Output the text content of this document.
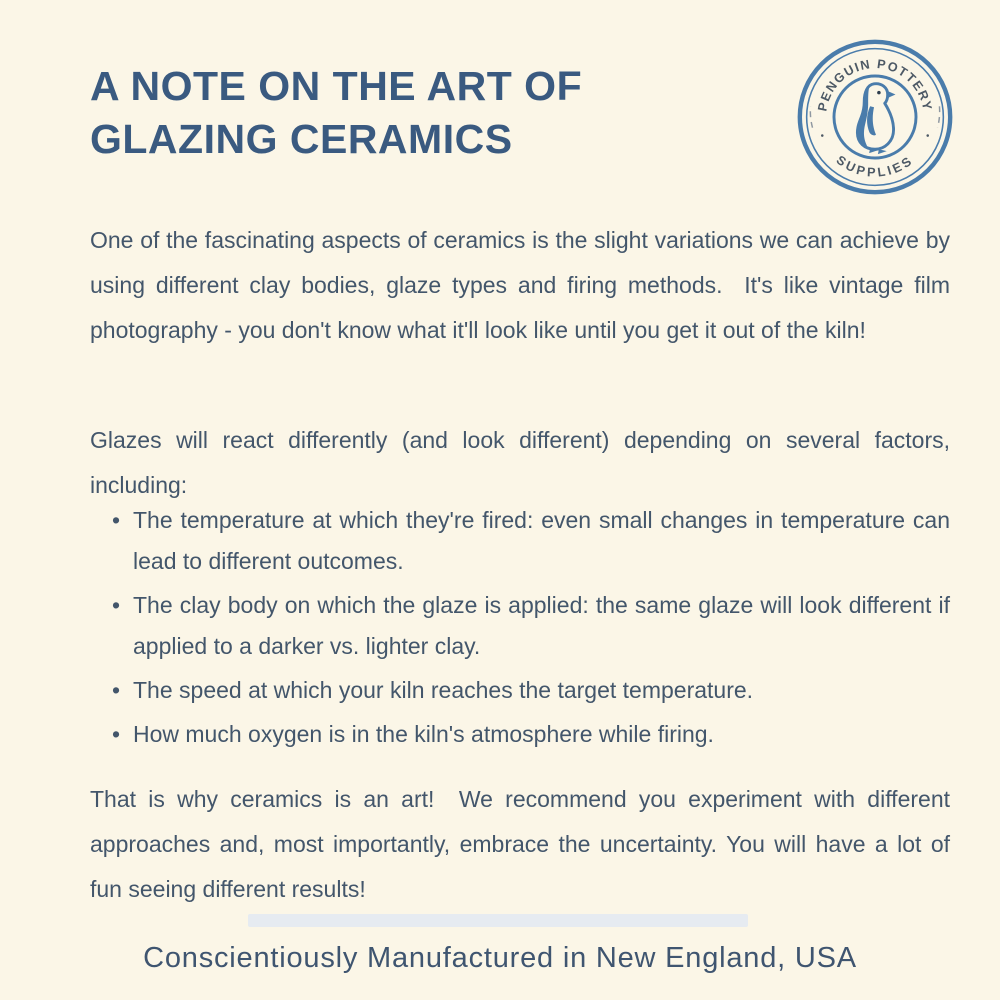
A NOTE ON THE ART OF
GLAZING CERAMICS
PENGUIN POTTERY
SUPPLIES

One of the fascinating aspects of ceramics is the slight variations we can achieve by using different clay bodies, glaze types and firing methods.  It's like vintage film photography - you don't know what it'll look like until you get it out of the kiln!

Glazes will react differently (and look different) depending on several factors, including:

• The temperature at which they're fired: even small changes in temperature can lead to different outcomes.
• The clay body on which the glaze is applied: the same glaze will look different if applied to a darker vs. lighter clay.
• The speed at which your kiln reaches the target temperature.
• How much oxygen is in the kiln's atmosphere while firing.

That is why ceramics is an art!  We recommend you experiment with different approaches and, most importantly, embrace the uncertainty. You will have a lot of fun seeing different results!

Conscientiously Manufactured in New England, USA
